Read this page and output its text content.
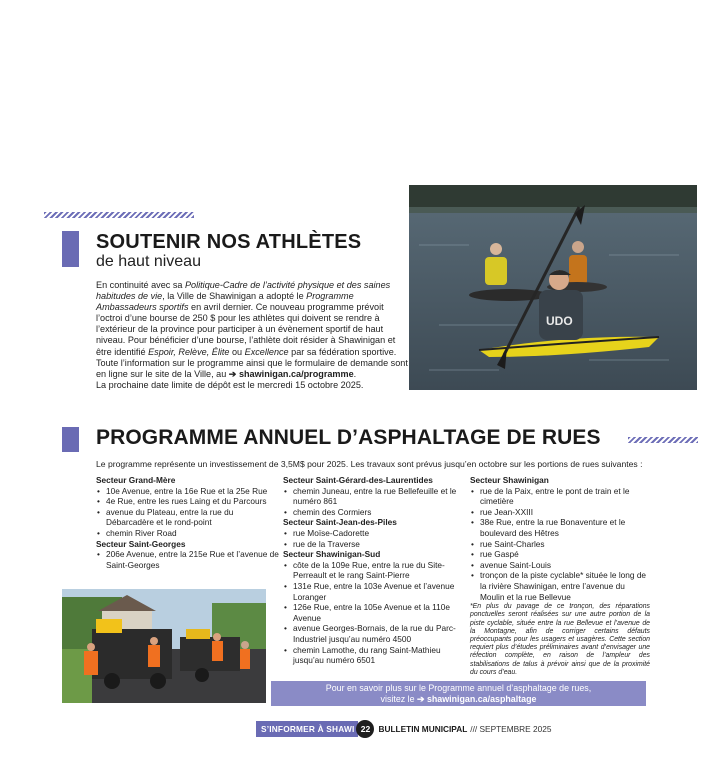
SOUTENIR NOS ATHLÈTES
de haut niveau

En continuité avec sa Politique-Cadre de l’activité physique et des saines habitudes de vie, la Ville de Shawinigan a adopté le Programme Ambassadeurs sportifs en avril dernier. Ce nouveau programme prévoit l’octroi d’une bourse de 250 $ pour les athlètes qui doivent se rendre à l’extérieur de la province pour participer à un évènement sportif de haut niveau. Pour bénéficier d’une bourse, l’athlète doit résider à Shawinigan et être identifié Espoir, Relève, Élite ou Excellence par sa fédération sportive.

Toute l’information sur le programme ainsi que le formulaire de demande sont en ligne sur le site de la Ville, au ➔ shawinigan.ca/programme.

La prochaine date limite de dépôt est le mercredi 15 octobre 2025.

UDO
PROGRAMME ANNUEL D’ASPHALTAGE DE RUES
Le programme représente un investissement de 3,5M$ pour 2025. Les travaux sont prévus jusqu’en octobre sur les portions de rues suivantes :
Secteur Grand-Mère
• 10e Avenue, entre la 16e Rue et la 25e Rue
• 4e Rue, entre les rues Laing et du Parcours
• avenue du Plateau, entre la rue du Débarcadère et le rond-point
• chemin River Road
Secteur Saint-Georges
• 206e Avenue, entre la 215e Rue et l’avenue de Saint-Georges
Secteur Saint-Gérard-des-Laurentides
• chemin Juneau, entre la rue Bellefeuille et le numéro 861
• chemin des Cormiers
Secteur Saint-Jean-des-Piles
• rue Moïse-Cadorette
• rue de la Traverse
Secteur Shawinigan-Sud
• côte de la 109e Rue, entre la rue du Site-Perreault et le rang Saint-Pierre
• 131e Rue, entre la 103e Avenue et l’avenue Loranger
• 126e Rue, entre la 105e Avenue et la 110e Avenue
• avenue Georges-Bornais, de la rue du Parc-Industriel jusqu’au numéro 4500
• chemin Lamothe, du rang Saint-Mathieu jusqu’au numéro 6501
Secteur Shawinigan
• rue de la Paix, entre le pont de train et le cimetière
• rue Jean-XXIII
• 38e Rue, entre la rue Bonaventure et le boulevard des Hêtres
• rue Saint-Charles
• rue Gaspé
• avenue Saint-Louis
• tronçon de la piste cyclable* située le long de la rivière Shawinigan, entre l’avenue du Moulin et la rue Bellevue
*En plus du pavage de ce tronçon, des réparations ponctuelles seront réalisées sur une autre portion de la piste cyclable, située entre la rue Bellevue et l’avenue de la Montagne, afin de corriger certains défauts préoccupants pour les usagers et usagères. Cette section requiert plus d’études préliminaires avant d’envisager une réfection complète, en raison de l’ampleur des stabilisations de talus à prévoir ainsi que de la proximité du cours d’eau.
Pour en savoir plus sur le Programme annuel d’asphaltage de rues,
visitez le ➔ shawinigan.ca/asphaltage
S’INFORMER À SHAWI 22 BULLETIN MUNICIPAL /// SEPTEMBRE 2025
